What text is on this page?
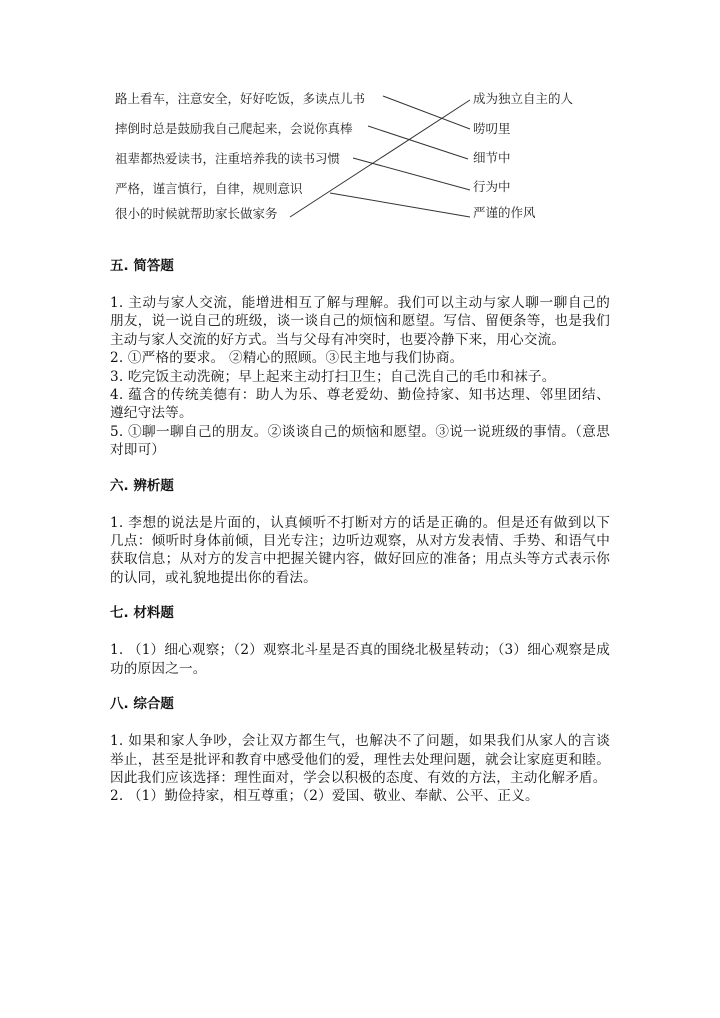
路上看车，注意安全，好好吃饭，多读点儿书
摔倒时总是鼓励我自己爬起来，会说你真棒
祖辈都热爱读书，注重培养我的读书习惯
严格，谨言慎行，自律，规则意识
很小的时候就帮助家长做家务
成为独立自主的人
唠叨里
细节中
行为中
严谨的作风
五. 简答题

1. 主动与家人交流，能增进相互了解与理解。我们可以主动与家人聊一聊自己的朋友，说一说自己的班级，谈一谈自己的烦恼和愿望。写信、留便条等，也是我们主动与家人交流的好方式。当与父母有冲突时，也要冷静下来，用心交流。

2. ①严格的要求。 ②精心的照顾。③民主地与我们协商。

3. 吃完饭主动洗碗；早上起来主动打扫卫生；自己洗自己的毛巾和袜子。

4. 蕴含的传统美德有：助人为乐、尊老爱幼、勤俭持家、知书达理、邻里团结、遵纪守法等。

5. ①聊一聊自己的朋友。②谈谈自己的烦恼和愿望。③说一说班级的事情。（意思对即可）

六. 辨析题

1. 李想的说法是片面的，认真倾听不打断对方的话是正确的。但是还有做到以下几点：倾听时身体前倾，目光专注；边听边观察，从对方发表情、手势、和语气中获取信息；从对方的发言中把握关键内容，做好回应的准备；用点头等方式表示你的认同，或礼貌地提出你的看法。

七. 材料题

1. （1）细心观察；（2）观察北斗星是否真的围绕北极星转动；（3）细心观察是成功的原因之一。

八. 综合题

1. 如果和家人争吵，会让双方都生气，也解决不了问题，如果我们从家人的言谈举止，甚至是批评和教育中感受他们的爱，理性去处理问题，就会让家庭更和睦。因此我们应该选择：理性面对，学会以积极的态度、有效的方法，主动化解矛盾。

2. （1）勤俭持家，相互尊重；（2）爱国、敬业、奉献、公平、正义。
